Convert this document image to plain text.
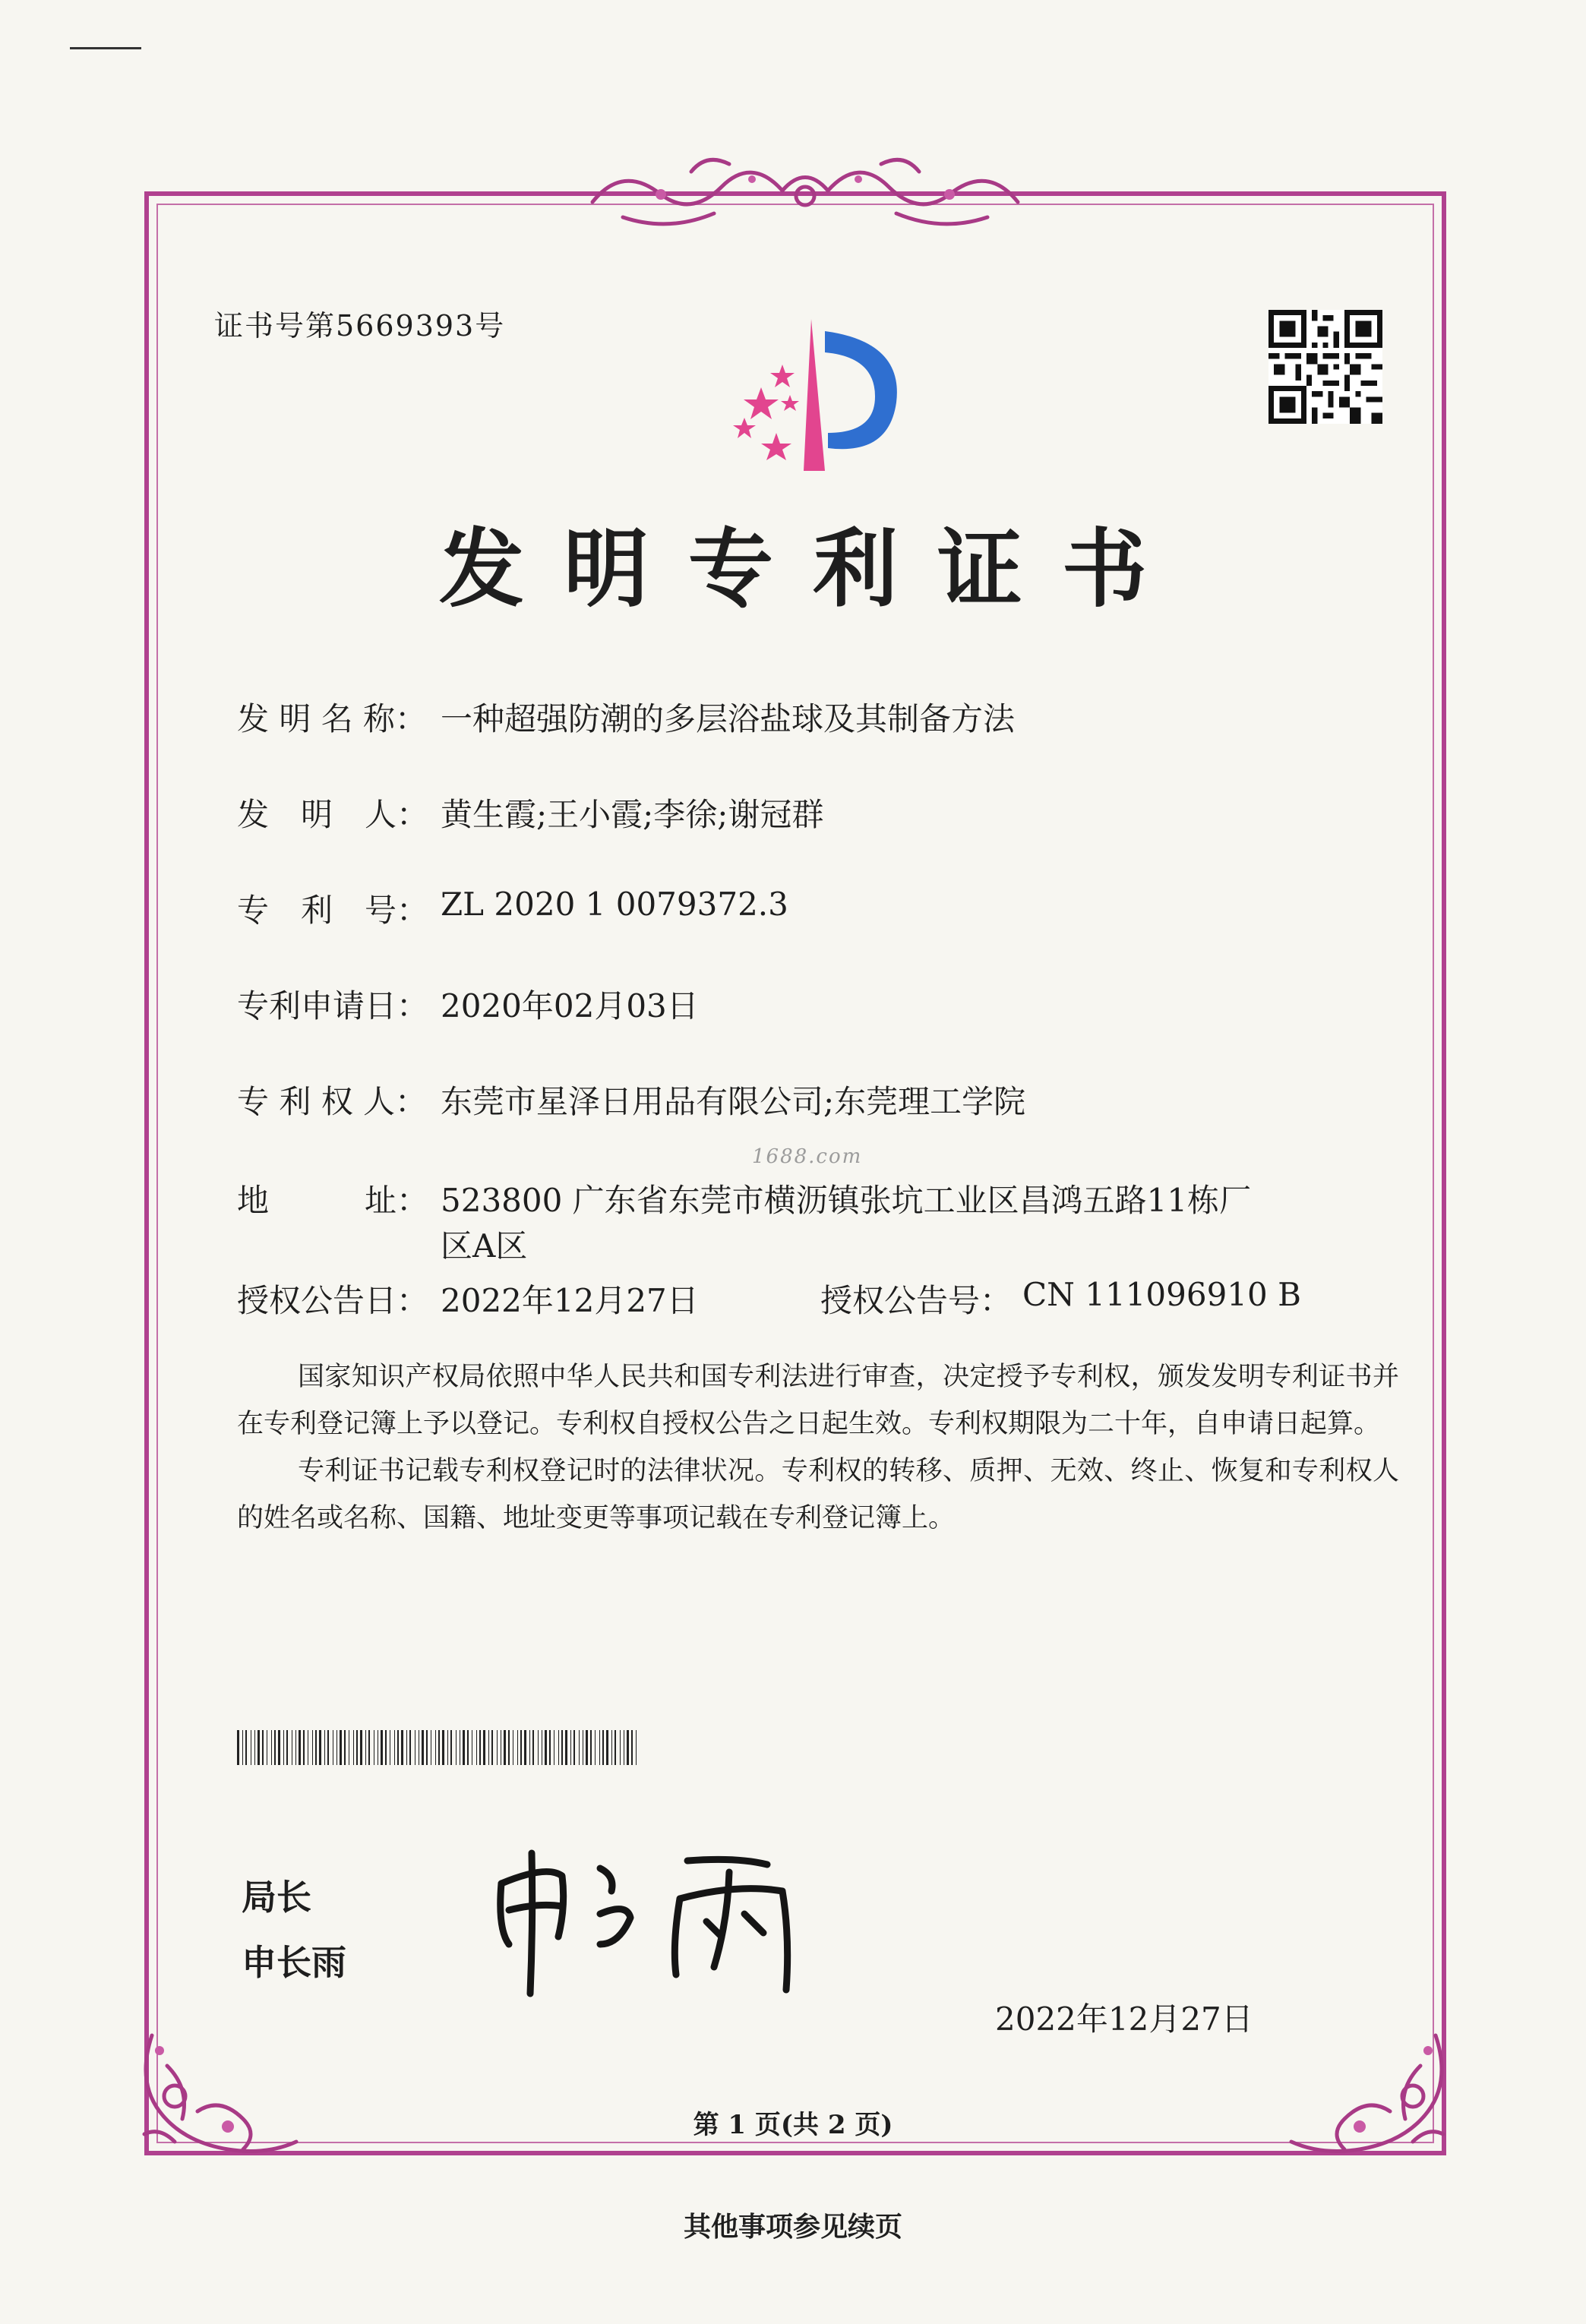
证书号第5669393号
发明专利证书
发 明 名 称： 一种超强防潮的多层浴盐球及其制备方法
发　明　人： 黄生霞;王小霞;李徐;谢冠群
专　利　号： ZL 2020 1 0079372.3
专利申请日： 2020年02月03日
专 利 权 人： 东莞市星泽日用品有限公司;东莞理工学院
1688.com
地　　　址： 523800 广东省东莞市横沥镇张坑工业区昌鸿五路11栋厂
区A区
授权公告日： 2022年12月27日	授权公告号： CN 111096910 B

国家知识产权局依照中华人民共和国专利法进行审查，决定授予专利权，颁发发明专利证书并在专利登记簿上予以登记。专利权自授权公告之日起生效。专利权期限为二十年，自申请日起算。

专利证书记载专利权登记时的法律状况。专利权的转移、质押、无效、终止、恢复和专利权人的姓名或名称、国籍、地址变更等事项记载在专利登记簿上。

局长
申长雨
2022年12月27日
第 1 页(共 2 页)
其他事项参见续页
